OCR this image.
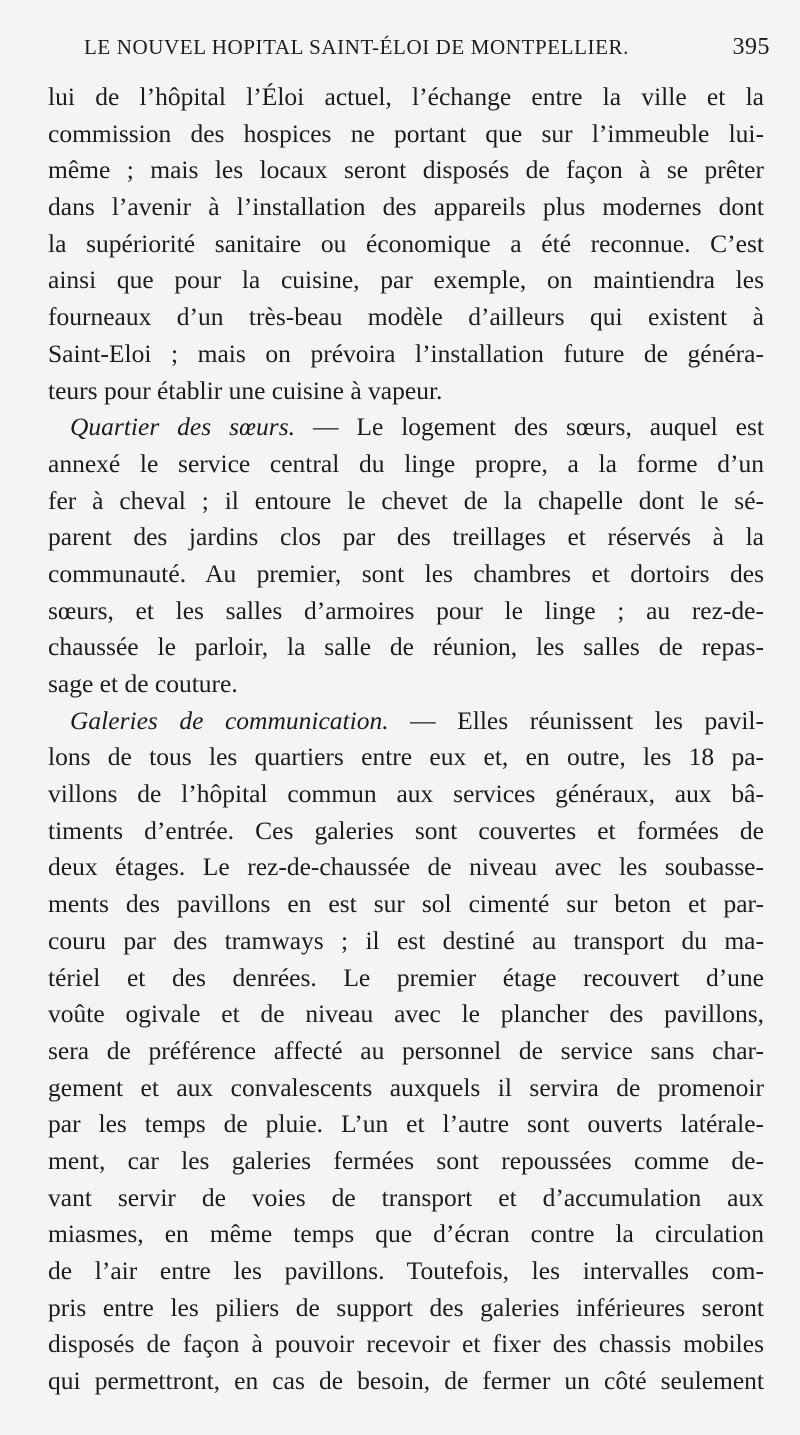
LE NOUVEL HOPITAL SAINT-ÉLOI DE MONTPELLIER.	395
lui de l’hôpital l’Éloi actuel, l’échange entre la ville et la
commission des hospices ne portant que sur l’immeuble lui-
même ; mais les locaux seront disposés de façon à se prêter
dans l’avenir à l’installation des appareils plus modernes dont
la supériorité sanitaire ou économique a été reconnue. C’est
ainsi que pour la cuisine, par exemple, on maintiendra les
fourneaux d’un très-beau modèle d’ailleurs qui existent à
Saint-Eloi ; mais on prévoira l’installation future de généra-
teurs pour établir une cuisine à vapeur.
Quartier des sœurs. — Le logement des sœurs, auquel est
annexé le service central du linge propre, a la forme d’un
fer à cheval ; il entoure le chevet de la chapelle dont le sé-
parent des jardins clos par des treillages et réservés à la
communauté. Au premier, sont les chambres et dortoirs des
sœurs, et les salles d’armoires pour le linge ; au rez-de-
chaussée le parloir, la salle de réunion, les salles de repas-
sage et de couture.
Galeries de communication. — Elles réunissent les pavil-
lons de tous les quartiers entre eux et, en outre, les 18 pa-
villons de l’hôpital commun aux services généraux, aux bâ-
timents d’entrée. Ces galeries sont couvertes et formées de
deux étages. Le rez-de-chaussée de niveau avec les soubasse-
ments des pavillons en est sur sol cimenté sur beton et par-
couru par des tramways ; il est destiné au transport du ma-
tériel et des denrées. Le premier étage recouvert d’une
voûte ogivale et de niveau avec le plancher des pavillons,
sera de préférence affecté au personnel de service sans char-
gement et aux convalescents auxquels il servira de promenoir
par les temps de pluie. L’un et l’autre sont ouverts latérale-
ment, car les galeries fermées sont repoussées comme de-
vant servir de voies de transport et d’accumulation aux
miasmes, en même temps que d’écran contre la circulation
de l’air entre les pavillons. Toutefois, les intervalles com-
pris entre les piliers de support des galeries inférieures seront
disposés de façon à pouvoir recevoir et fixer des chassis mobiles
qui permettront, en cas de besoin, de fermer un côté seulement
